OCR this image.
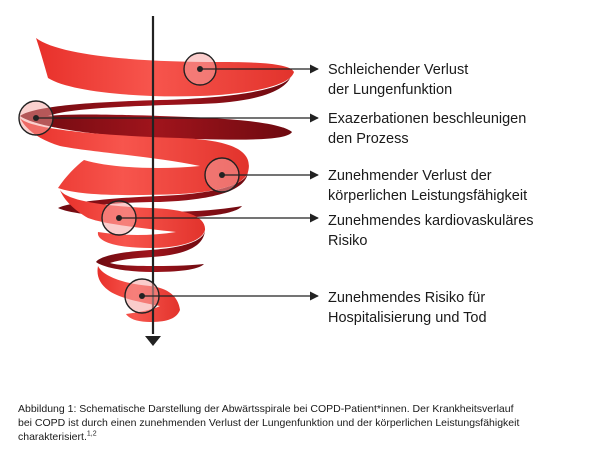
Schleichender Verlust
der Lungenfunktion
Exazerbationen beschleunigen
den Prozess
Zunehmender Verlust der
körperlichen Leistungsfähigkeit
Zunehmendes kardiovaskuläres
Risiko
Zunehmendes Risiko für
Hospitalisierung und Tod
Abbildung 1: Schematische Darstellung der Abwärtsspirale bei COPD-Patient*innen. Der Krankheitsverlauf
bei COPD ist durch einen zunehmenden Verlust der Lungenfunktion und der körperlichen Leistungsfähigkeit
charakterisiert.$^{1,2}$
